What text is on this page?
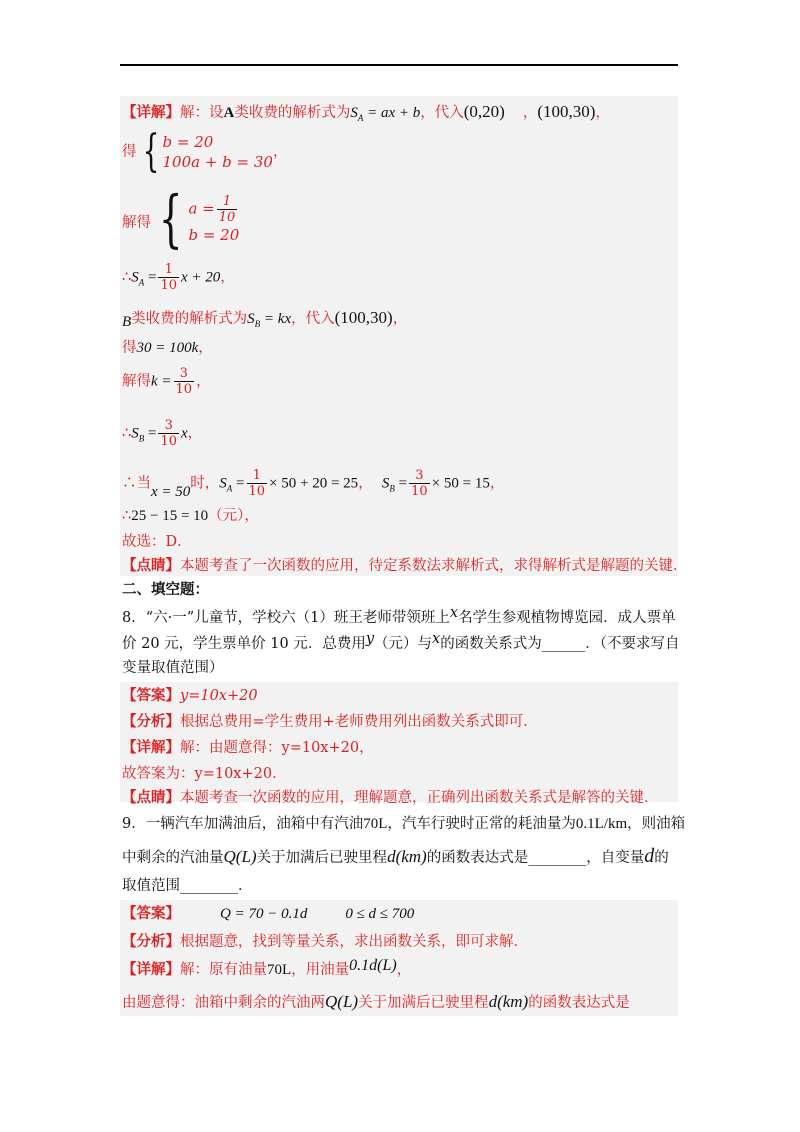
【详解】解：设A类收费的解析式为$S_A$ = ax + b，代入(0,20) ，(100,30)，
得 { b = 20
100a + b = 30
，
解得 { $a = \frac{1}{10}$
b = 20
$\therefore S_A = \frac{1}{10}$ x + 20，
B类收费的解析式为$S_B$ = kx，代入(100,30)，
得30 = 100k，
解得$k = \frac{3}{10}$ ，
$\therefore S_B = \frac{3}{10}$ x，
∴当x = 50时，$S_A = \frac{1}{10} \times 50 + 20 = 25$， $S_B = \frac{3}{10} \times 50 = 15$，
∴25 − 15 = 10（元），
故选：D．
【点睛】本题考查了一次函数的应用，待定系数法求解析式，求得解析式是解题的关键．
二、填空题：
8．“六·一”儿童节，学校六（1）班王老师带领班上x名学生参观植物博览园．成人票单
价 20 元，学生票单价 10 元．总费用y（元）与x的函数关系式为______．（不要求写自
变量取值范围）
【答案】y=10x+20
【分析】根据总费用=学生费用+老师费用列出函数关系式即可．
【详解】解：由题意得：y=10x+20，
故答案为：y=10x+20．
【点睛】本题考查一次函数的应用，理解题意，正确列出函数关系式是解答的关键．
9．一辆汽车加满油后，油箱中有汽油70L，汽车行驶时正常的耗油量为0.1L/km，则油箱
中剩余的汽油量Q(L)关于加满后已驶里程d(km)的函数表达式是________，自变量d的
取值范围________．
【答案】	Q = 70 − 0.1d	0 ≤ d ≤ 700
【分析】根据题意，找到等量关系，求出函数关系，即可求解．
【详解】解：原有油量70L，用油量0.1d(L)，
由题意得：油箱中剩余的汽油两Q(L)关于加满后已驶里程d(km)的函数表达式是
